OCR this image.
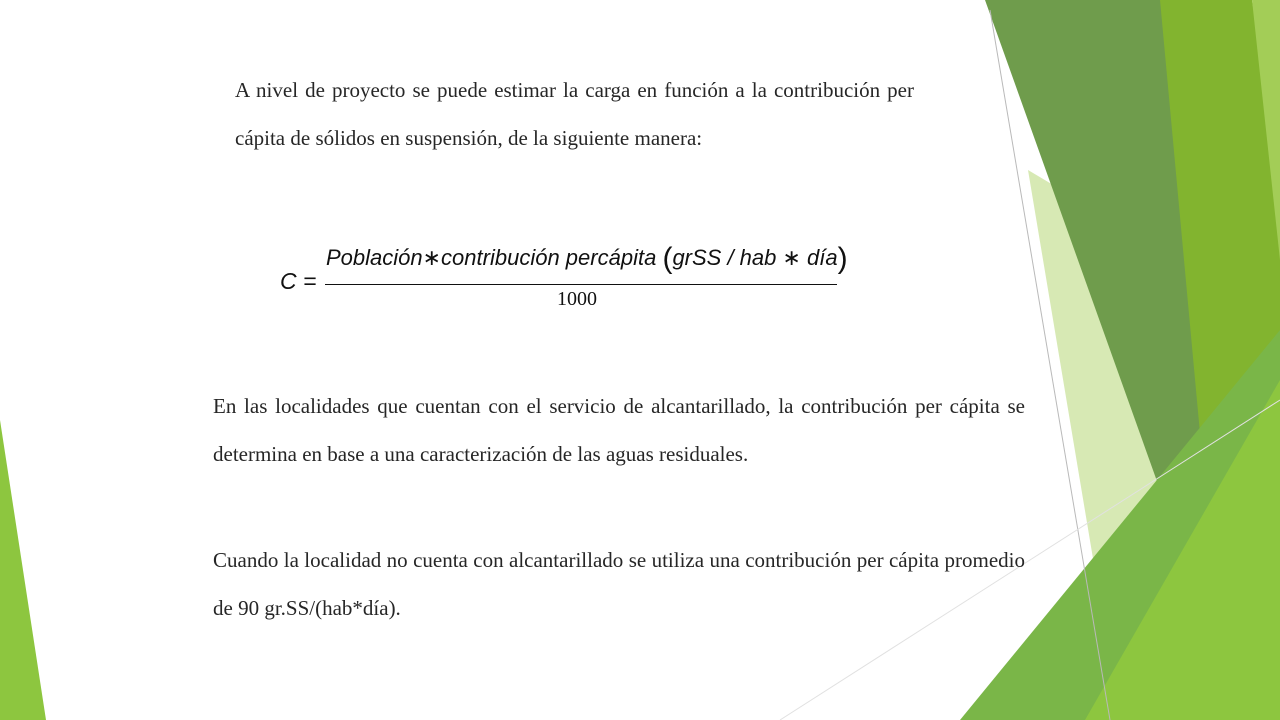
A nivel de proyecto se puede estimar la carga en función a la contribución per cápita de sólidos en suspensión, de la siguiente manera:

C =
Población∗contribución percápita (grSS / hab ∗ día)
1000

En las localidades que cuentan con el servicio de alcantarillado, la contribución per cápita se determina en base a una caracterización de las aguas residuales.

Cuando la localidad no cuenta con alcantarillado se utiliza una contribución per cápita promedio de 90 gr.SS/(hab*día).
